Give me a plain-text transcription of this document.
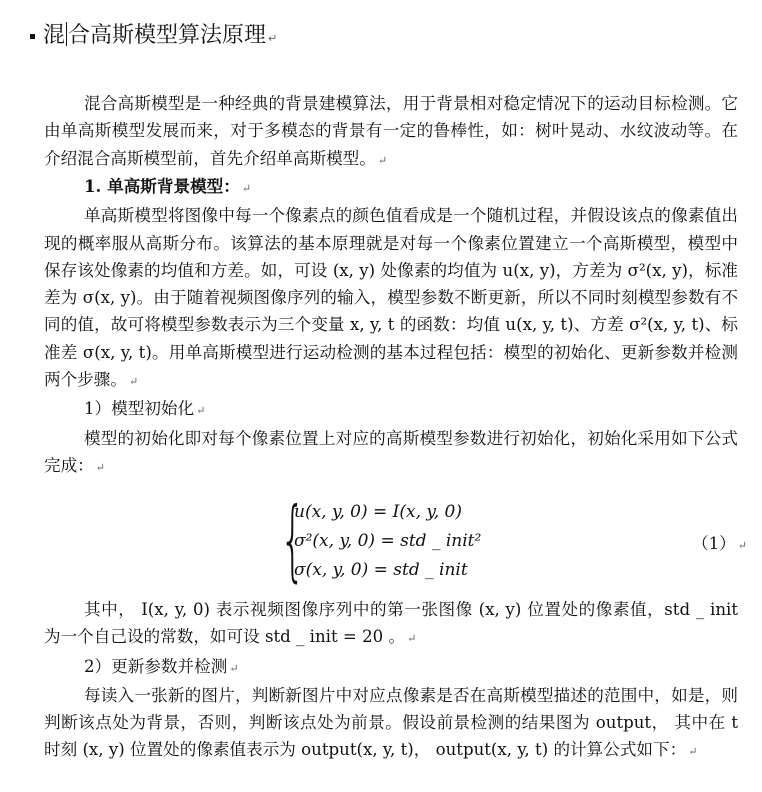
混 合高斯模型算法原理 ↵

混合高斯模型是一种经典的背景建模算法，用于背景相对稳定情况下的运动目标检测。它由单高斯模型发展而来，对于多模态的背景有一定的鲁棒性，如：树叶晃动、水纹波动等。在介绍混合高斯模型前，首先介绍单高斯模型。 ↵

1. 单高斯背景模型： ↵

单高斯模型将图像中每一个像素点的颜色值看成是一个随机过程，并假设该点的像素值出现的概率服从高斯分布。该算法的基本原理就是对每一个像素位置建立一个高斯模型，模型中保存该处像素的均值和方差。如，可设 (x, y) 处像素的均值为 u(x, y)，方差为 σ²(x, y)，标准差为 σ(x, y)。由于随着视频图像序列的输入，模型参数不断更新，所以不同时刻模型参数有不同的值，故可将模型参数表示为三个变量 x, y, t 的函数：均值 u(x, y, t)、方差 σ²(x, y, t)、标准差 σ(x, y, t)。用单高斯模型进行运动检测的基本过程包括：模型的初始化、更新参数并检测两个步骤。 ↵

1）模型初始化 ↵

模型的初始化即对每个像素位置上对应的高斯模型参数进行初始化，初始化采用如下公式完成： ↵

{
u(x, y, 0) = I(x, y, 0)
σ²(x, y, 0) = std _ init²
σ(x, y, 0) = std _ init
（1） ↵

其中， I(x, y, 0) 表示视频图像序列中的第一张图像 (x, y) 位置处的像素值，std _ init 为一个自己设的常数，如可设 std _ init = 20 。 ↵

2）更新参数并检测 ↵

每读入一张新的图片，判断新图片中对应点像素是否在高斯模型描述的范围中，如是，则判断该点处为背景，否则，判断该点处为前景。假设前景检测的结果图为 output， 其中在 t 时刻 (x, y) 位置处的像素值表示为 output(x, y, t)， output(x, y, t) 的计算公式如下： ↵
